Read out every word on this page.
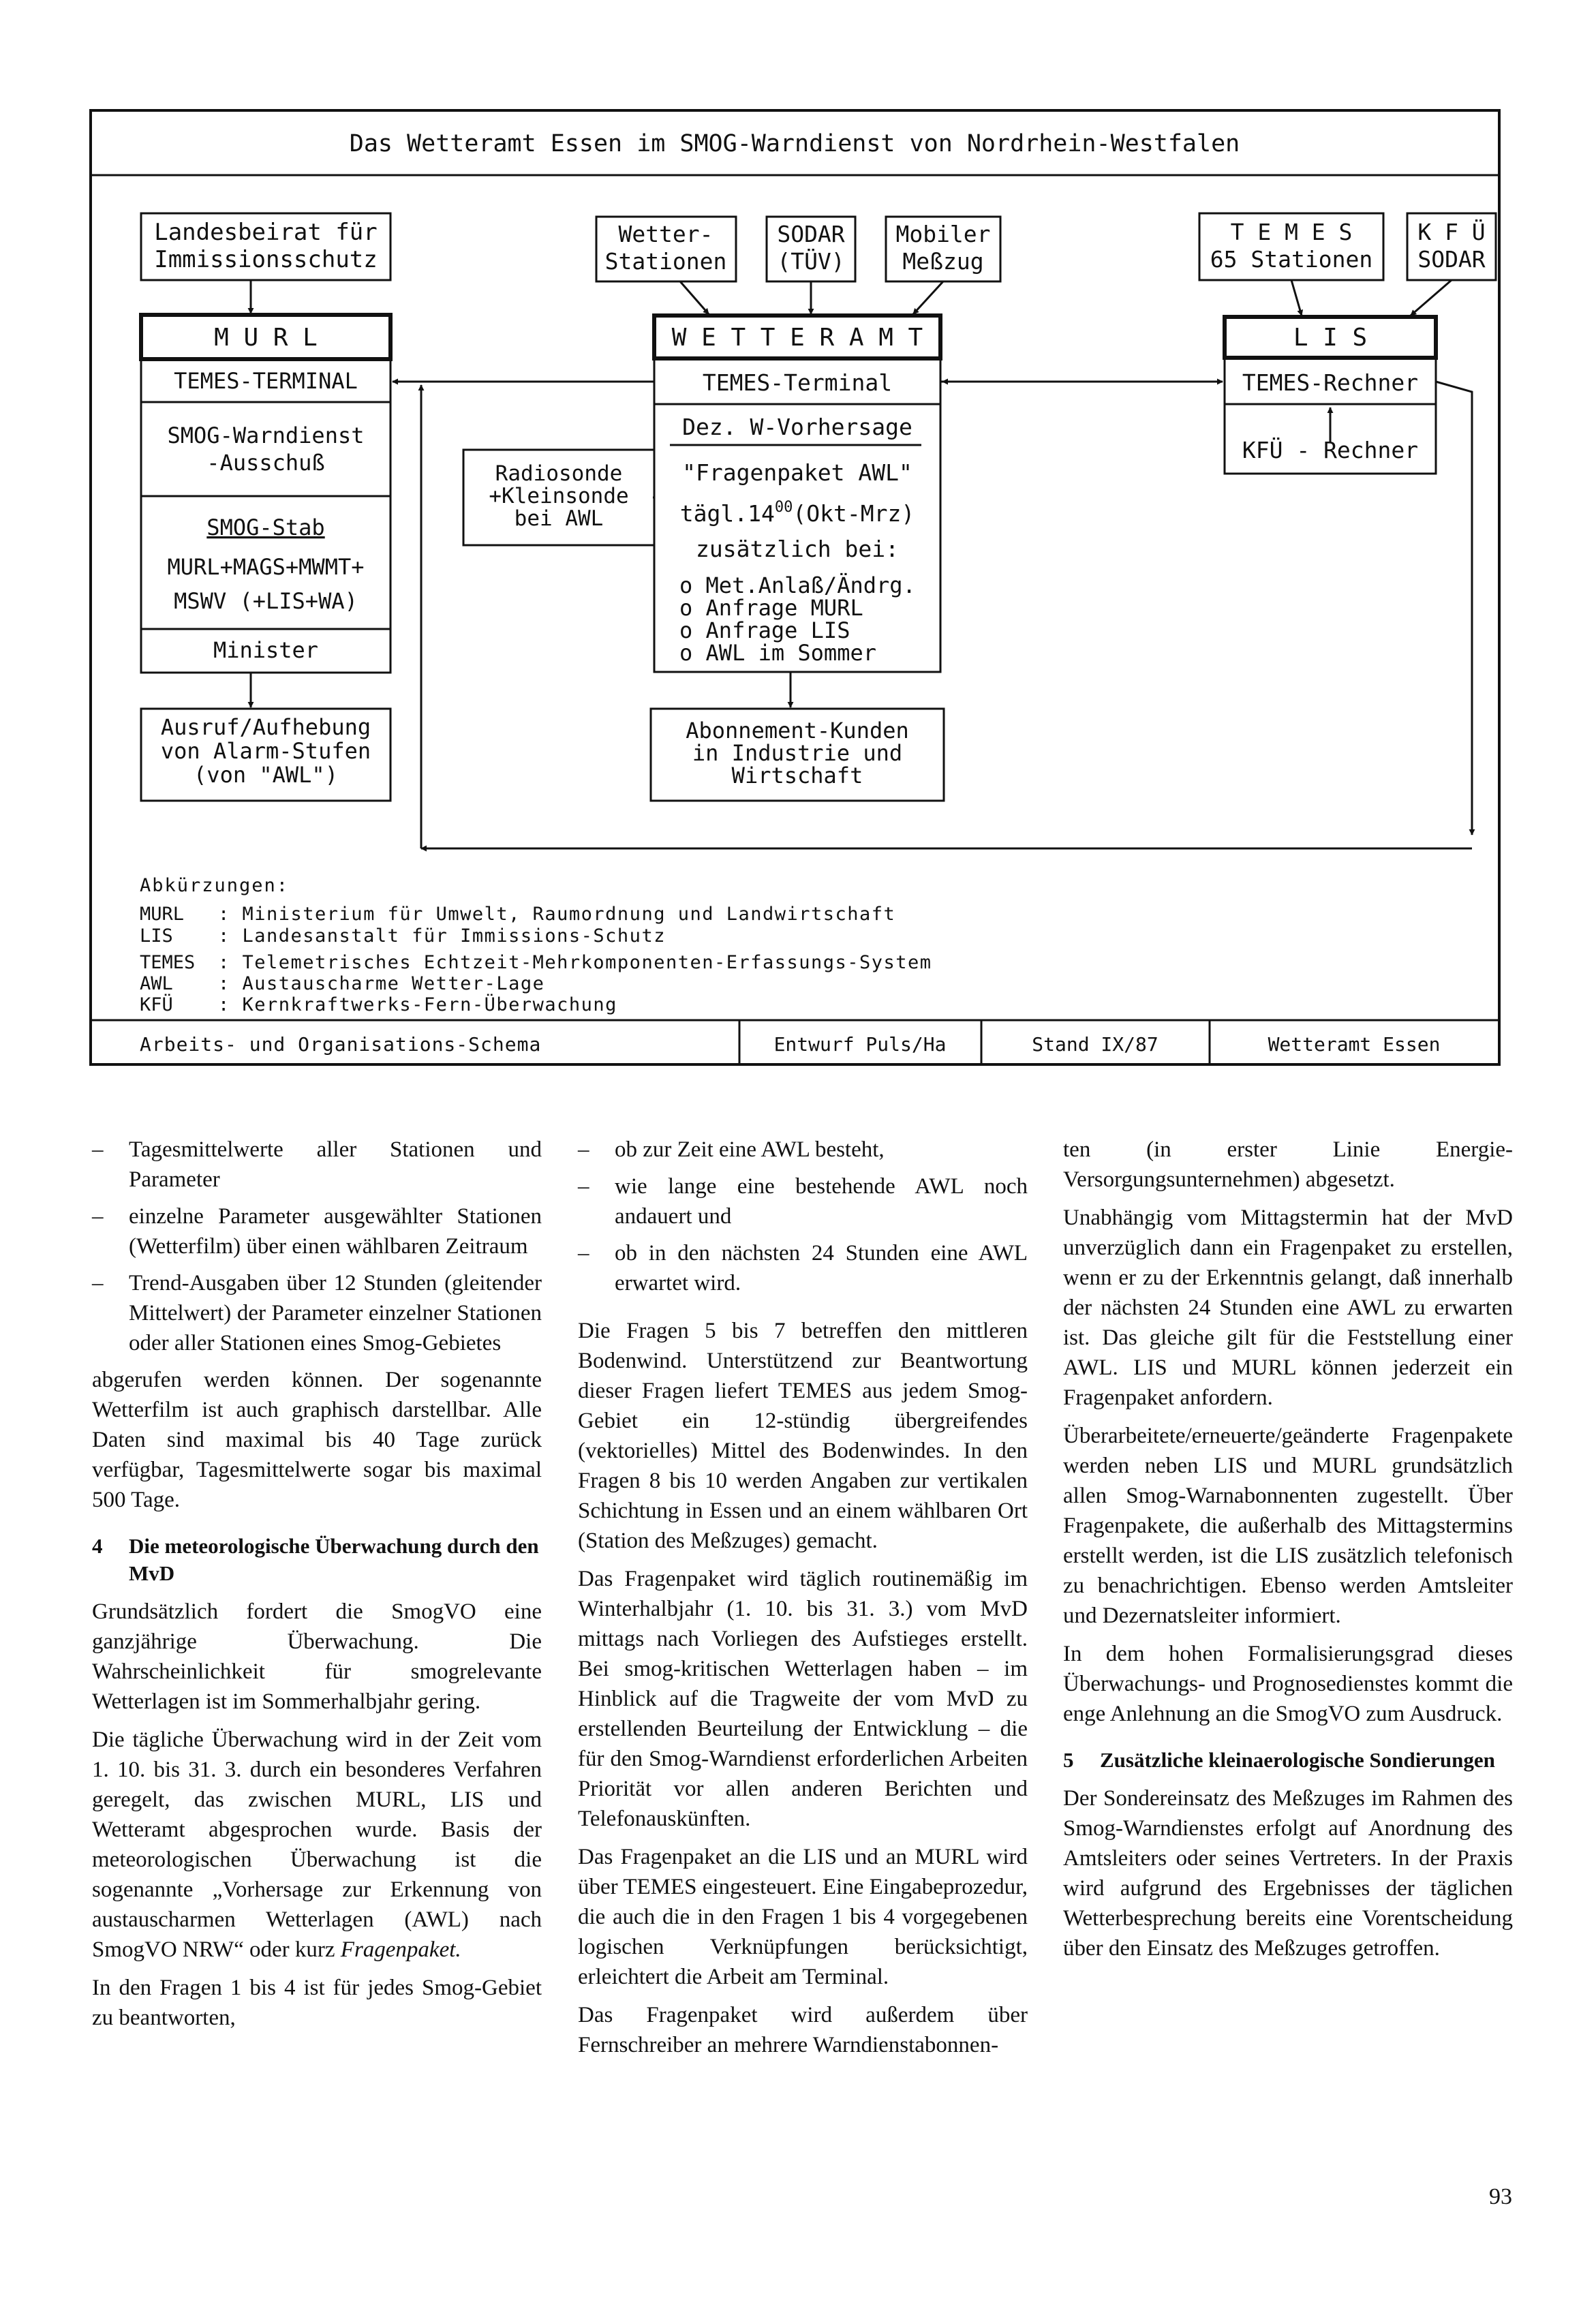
Das Wetteramt Essen im SMOG-Warndienst von Nordrhein-Westfalen
Landesbeirat für
Immissionsschutz
M U R L
TEMES-TERMINAL
SMOG-Warndienst
-Ausschuß
SMOG-Stab
MURL+MAGS+MWMT+
MSWV (+LIS+WA)
Minister
Ausruf/Aufhebung
von Alarm-Stufen
(von "AWL")
Wetter-
Stationen
SODAR
(TÜV)
Mobiler
Meßzug
Radiosonde
+Kleinsonde
bei AWL
W E T T E R A M T
TEMES-Terminal
Dez. W-Vorhersage
"Fragenpaket AWL"
$tägl.14^{00}(Okt-Mrz)$
zusätzlich bei:
o Met.Anlaß/Ändrg.
o Anfrage MURL
o Anfrage LIS
o AWL im Sommer
Abonnement-Kunden
in Industrie und
Wirtschaft
T E M E S
65 Stationen
K F Ü
SODAR
L I S
TEMES-Rechner
KFÜ - Rechner
Abkürzungen:
MURL : Ministerium für Umwelt, Raumordnung und Landwirtschaft
LIS : Landesanstalt für Immissions-Schutz
TEMES : Telemetrisches Echtzeit-Mehrkomponenten-Erfassungs-System
AWL : Austauscharme Wetter-Lage
KFÜ : Kernkraftwerks-Fern-Überwachung
Arbeits- und Organisations-Schema	Entwurf Puls/Ha	Stand IX/87	Wetteramt Essen
– Tagesmittelwerte aller Stationen und Parameter
– einzelne Parameter ausgewählter Stationen (Wetterfilm) über einen wählbaren Zeitraum
– Trend-Ausgaben über 12 Stunden (gleitender Mittelwert) der Parameter einzelner Stationen oder aller Stationen eines Smog-Gebietes

abgerufen werden können. Der sogenannte Wetterfilm ist auch graphisch darstellbar. Alle Daten sind maximal bis 40 Tage zurück verfügbar, Tagesmittelwerte sogar bis maximal 500 Tage.

4 Die meteorologische Überwachung durch den MvD

Grundsätzlich fordert die SmogVO eine ganzjährige Überwachung. Die Wahrscheinlichkeit für smogrelevante Wetterlagen ist im Sommerhalbjahr gering.

Die tägliche Überwachung wird in der Zeit vom 1. 10. bis 31. 3. durch ein besonderes Verfahren geregelt, das zwischen MURL, LIS und Wetteramt abgesprochen wurde. Basis der meteorologischen Überwachung ist die sogenannte „Vorhersage zur Erkennung von austauscharmen Wetterlagen (AWL) nach SmogVO NRW“ oder kurz Fragenpaket.

In den Fragen 1 bis 4 ist für jedes Smog-Gebiet zu beantworten,

– ob zur Zeit eine AWL besteht,
– wie lange eine bestehende AWL noch andauert und
– ob in den nächsten 24 Stunden eine AWL erwartet wird.

Die Fragen 5 bis 7 betreffen den mittleren Bodenwind. Unterstützend zur Beantwortung dieser Fragen liefert TEMES aus jedem Smog-Gebiet ein 12-stündig übergreifendes (vektorielles) Mittel des Bodenwindes. In den Fragen 8 bis 10 werden Angaben zur vertikalen Schichtung in Essen und an einem wählbaren Ort (Station des Meßzuges) gemacht.

Das Fragenpaket wird täglich routinemäßig im Winterhalbjahr (1. 10. bis 31. 3.) vom MvD mittags nach Vorliegen des Aufstieges erstellt. Bei smog-kritischen Wetterlagen haben – im Hinblick auf die Tragweite der vom MvD zu erstellenden Beurteilung der Entwicklung – die für den Smog-Warndienst erforderlichen Arbeiten Priorität vor allen anderen Berichten und Telefonauskünften.

Das Fragenpaket an die LIS und an MURL wird über TEMES eingesteuert. Eine Eingabeprozedur, die auch die in den Fragen 1 bis 4 vorgegebenen logischen Verknüpfungen berücksichtigt, erleichtert die Arbeit am Terminal.

Das Fragenpaket wird außerdem über Fernschreiber an mehrere Warndienstabonnen-

ten (in erster Linie Energie-Versorgungsunternehmen) abgesetzt.

Unabhängig vom Mittagstermin hat der MvD unverzüglich dann ein Fragenpaket zu erstellen, wenn er zu der Erkenntnis gelangt, daß innerhalb der nächsten 24 Stunden eine AWL zu erwarten ist. Das gleiche gilt für die Feststellung einer AWL. LIS und MURL können jederzeit ein Fragenpaket anfordern.

Überarbeitete/erneuerte/geänderte Fragenpakete werden neben LIS und MURL grundsätzlich allen Smog-Warnabonnenten zugestellt. Über Fragenpakete, die außerhalb des Mittagstermins erstellt werden, ist die LIS zusätzlich telefonisch zu benachrichtigen. Ebenso werden Amtsleiter und Dezernatsleiter informiert.

In dem hohen Formalisierungsgrad dieses Überwachungs- und Prognosedienstes kommt die enge Anlehnung an die SmogVO zum Ausdruck.

5 Zusätzliche kleinaerologische Sondierungen

Der Sondereinsatz des Meßzuges im Rahmen des Smog-Warndienstes erfolgt auf Anordnung des Amtsleiters oder seines Vertreters. In der Praxis wird aufgrund des Ergebnisses der täglichen Wetterbesprechung bereits eine Vorentscheidung über den Einsatz des Meßzuges getroffen.

93
